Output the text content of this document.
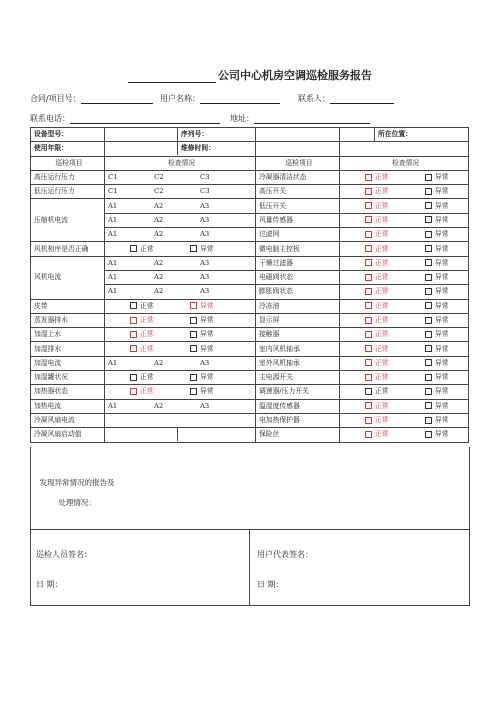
公司中心机房空调巡检服务报告
合同/项目号：	用户名称：	联系人：
联系电话：	地址：
设备型号：	序列号：		所在位置：

使用年限：	维修时间：		

巡检项目	检查情况	巡检项目	检查情况
高压运行压力	C1 C2 C3	冷凝器清洁状态	正常 异常
低压运行压力	C1 C2 C3	高压开关	正常 异常
压缩机电流	A1 A2 A3	低压开关	正常 异常
	A1 A2 A3	风量传感器	正常 异常
	A1 A2 A3	过滤网	正常 异常
风机相序是否正确	正常 异常	微电脑主控板	正常 异常
风机电流	A1 A2 A3	干燥过滤器	正常 异常
	A1 A2 A3	电磁阀状态	正常 异常
	A1 A2 A3	膨胀阀状态	正常 异常
皮带	正常 异常	冷冻油	正常 异常
蒸发器排水	正常 异常	显示屏	正常 异常
加湿上水	正常 异常	接触器	正常 异常
加湿排水	正常 异常	室内风机轴承	正常 异常
加湿电流	A1 A2 A3	室外风机轴承	正常 异常
加湿罐状况	正常 异常	主电源开关	正常 异常
加热器状态	正常 异常	调速器/压力开关	正常 异常
加热电流	A1 A2 A3	温湿度传感器	正常 异常
冷凝风扇电流		电加热保护器	正常 异常
冷凝风扇启动值		保险丝	正常 异常
发现异常情况的报告及
处理情况：
巡检人员签名：
日 期：
用户代表签名：
日 期：
